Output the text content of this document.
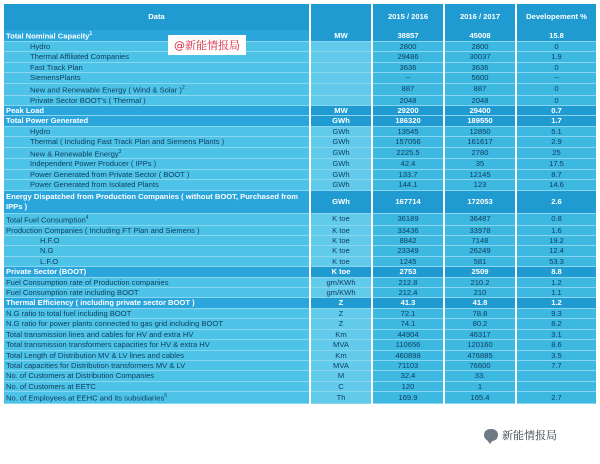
Data		2015 / 2016	2016 / 2017	Developement %
Total Nominal Capacity$^1$	MW	38857	45008	15.8
Hydro		2800	2800	0
Thermal Affiliated Companies		29486	30037	1.9
Fast Track Plan		3636	3636	0
SiemensPlants		--	5600	--
New and Renewable Energy ( Wind & Solar )$^2$		887	887	0
Private Sector BOOT's ( Thermal )		2048	2048	0
Peak Load	MW	29200	29400	0.7
Total Power Generated	GWh	186320	189550	1.7
Hydro	GWh	13545	12850	5.1
Thermal ( Including Fast Track Plan and Siemens Plants )	GWh	157056	161617	2.9
New & Renewable Energy$^3$	GWh	2225.5	2780	25
Independent Power Producer ( IPPs )	GWh	42.4	35	17.5
Power Generated from Private Sector ( BOOT )	GWh	133.7	12145	8.7
Power Generated from Isolated Plants	GWh	144.1	123	14.6
Energy Dispatched from Production Companies ( without BOOT, Purchased from IPPs )	GWh	167714	172053	2.6
Total Fuel Consumption$^4$	K toe	36189	36487	0.8
Production Companies ( Including FT Plan and Siemens )	K toe	33436	33978	1.6
H.F.O	K toe	8842	7148	19.2
N.G	K toe	23349	26249	12.4
L.F.O	K toe	1245	581	53.3
Private Sector (BOOT)	K toe	2753	2509	8.8
Fuel Consumption rate of Production companies	gm/KWh	212.8	210.2	1.2
Fuel Consumption rate including BOOT	gm/KWh	212.4	210	1.1
Thermal Efficiency ( including private sector BOOT )	Z	41.3	41.8	1.2
N.G ratio to total fuel including BOOT	Z	72.1	78.8	9.3
N.G ratio for power plants connected to gas grid including BOOT	Z	74.1	80.2	8.2
Total transmission lines and cables for HV and extra HV	Km	44904	46317	3.1
Total transmission transformers capacities for HV & extra HV	MVA	110656	120160	8.6
Total Length of Distribution MV & LV lines and cables	Km	460898	476885	3.5
Total capacities for Distribution transformers MV & LV	MVA	71103	76600	7.7
No. of Customers at Distribution Companies	M	32.4	33.	
No. of Customers at EETC	C	120	1	
No. of Employees at EEHC and its subsidiaries$^5$	Th	169.9	165.4	2.7
@新能情报局
新能情报局
